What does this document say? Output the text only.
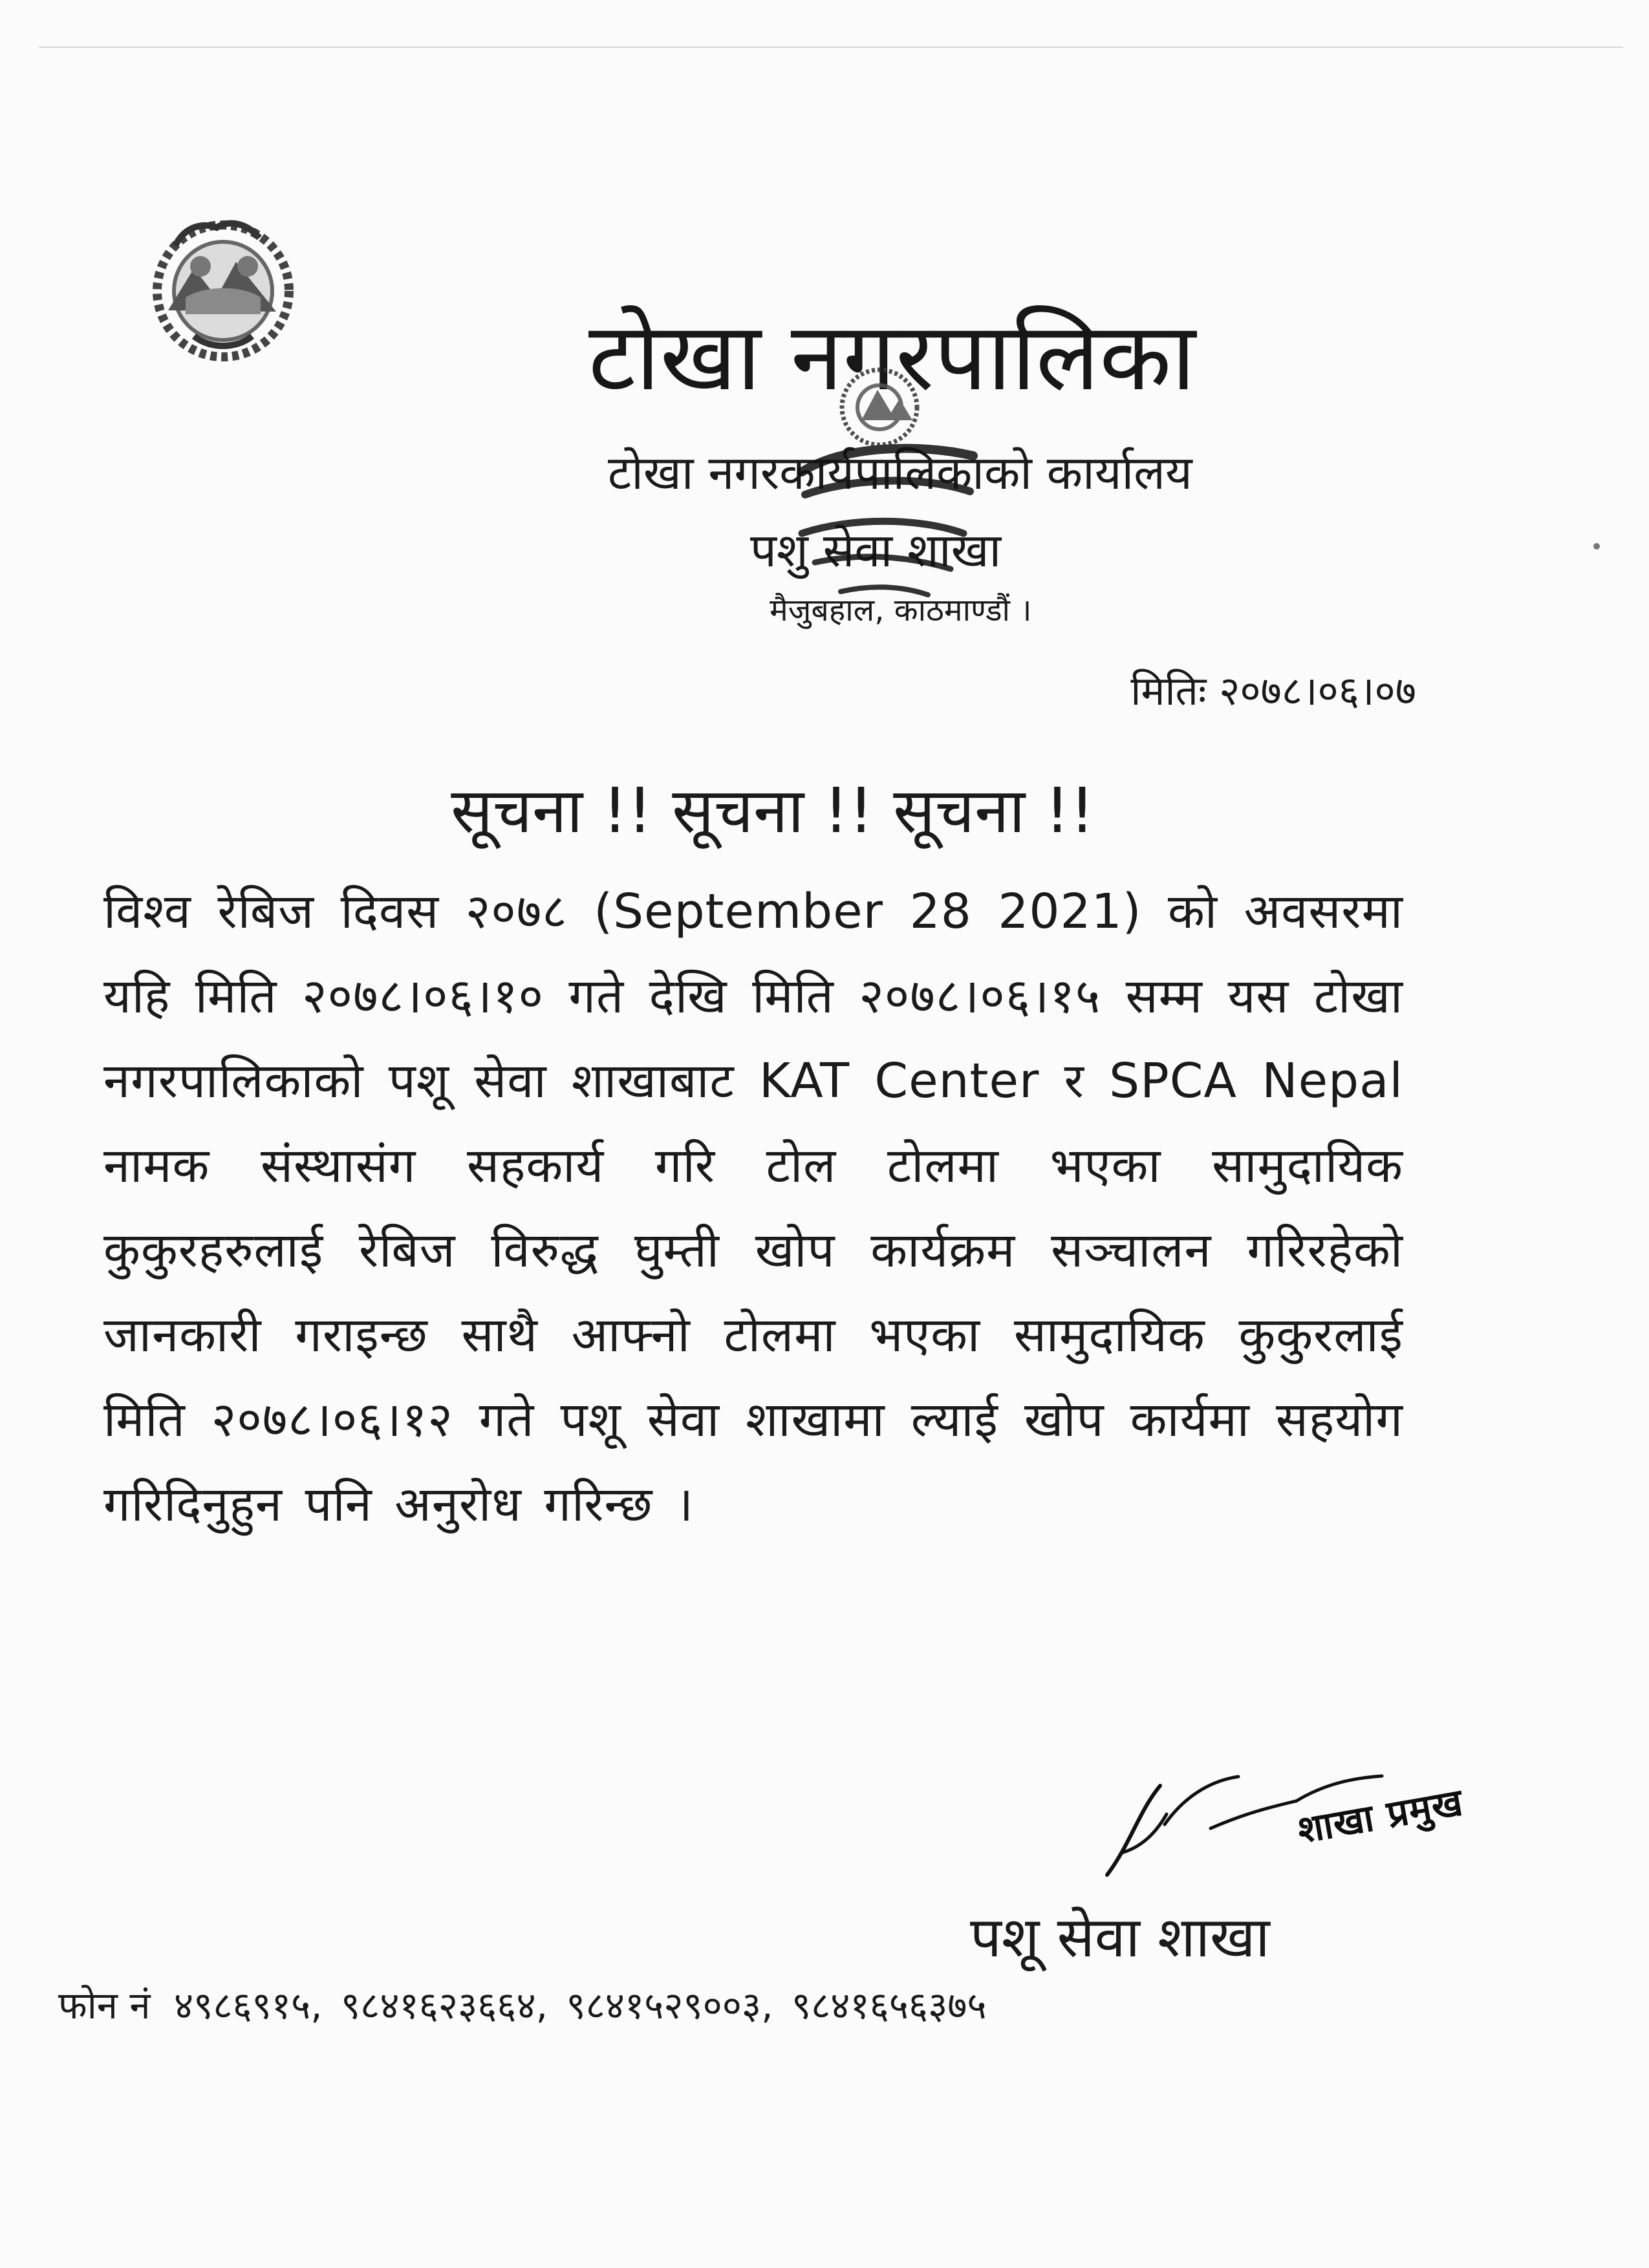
टोखा नगरपालिका
टोखा नगरकार्यपालिकाको कार्यालय
पशु सेवा शाखा
मैजुबहाल, काठमाण्डौं ।
मितिः २०७८।०६।०७
सूचना !! सूचना !! सूचना !!

विश्व रेबिज दिवस २०७८ (September 28 2021) को अवसरमा यहि मिति २०७८।०६।१० गते देखि मिति २०७८।०६।१५ सम्म यस टोखा नगरपालिकाको पशू सेवा शाखाबाट KAT Center र SPCA Nepal नामक संस्थासंग सहकार्य गरि टोल टोलमा भएका सामुदायिक कुकुरहरुलाई रेबिज विरुद्ध घुम्ती खोप कार्यक्रम सञ्चालन गरिरहेको जानकारी गराइन्छ साथै आफ्नो टोलमा भएका सामुदायिक कुकुरलाई मिति २०७८।०६।१२ गते पशू सेवा शाखामा ल्याई खोप कार्यमा सहयोग गरिदिनुहुन पनि अनुरोध गरिन्छ ।

शाखा प्रमुख
पशू सेवा शाखा
फोन नं ४९८६९१५, ९८४१६२३६६४, ९८४१५२९००३, ९८४१६५६३७५
